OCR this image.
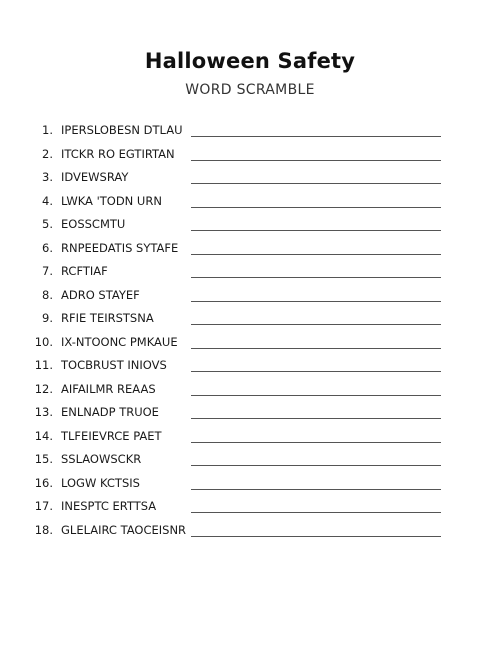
Halloween Safety
WORD SCRAMBLE
1. IPERSLOBESN DTLAU
2. ITCKR RO EGTIRTAN
3. IDVEWSRAY
4. LWKA 'TODN URN
5. EOSSCMTU
6. RNPEEDATIS SYTAFE
7. RCFTIAF
8. ADRO STAYEF
9. RFIE TEIRSTSNA
10. IX-NTOONC PMKAUE
11. TOCBRUST INIOVS
12. AIFAILMR REAAS
13. ENLNADP TRUOE
14. TLFEIEVRCE PAET
15. SSLAOWSCKR
16. LOGW KCTSIS
17. INESPTC ERTTSA
18. GLELAIRC TAOCEISNR
